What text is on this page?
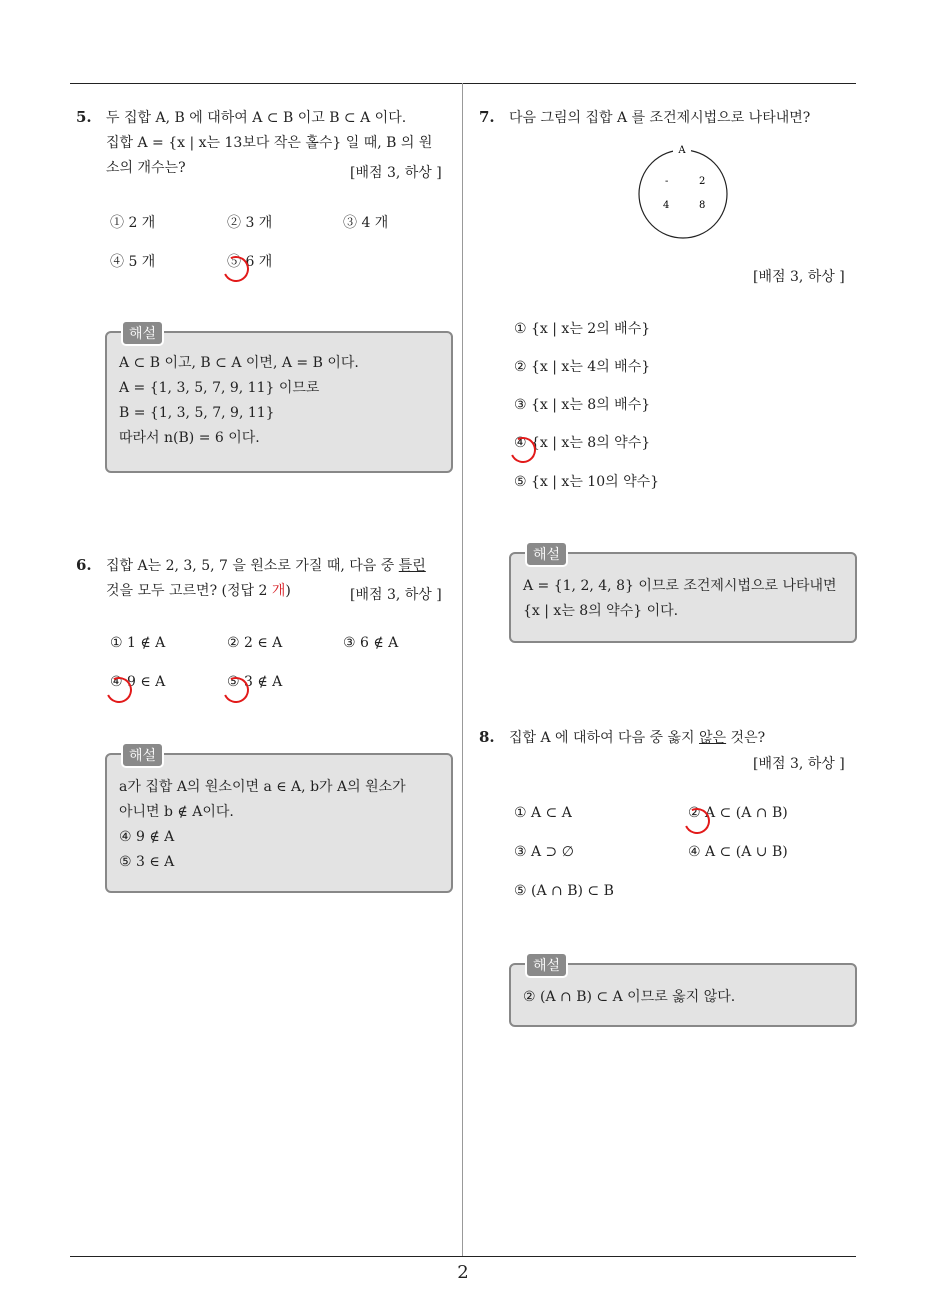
5. 두 집합 A, B 에 대하여 A ⊂ B 이고 B ⊂ A 이다.
집합 A = {x | x는 13보다 작은 홀수} 일 때, B 의 원
소의 개수는?	[배점 3, 하상 ]
① 2 개	② 3 개	③ 4 개
④ 5 개	⑤ 6 개
해설
A ⊂ B 이고, B ⊂ A 이면, A = B 이다.
A = {1, 3, 5, 7, 9, 11} 이므로
B = {1, 3, 5, 7, 9, 11}
따라서 n(B) = 6 이다.
6. 집합 A는 2, 3, 5, 7 을 원소로 가질 때, 다음 중 틀린
것을 모두 고르면? (정답 2 개)	[배점 3, 하상 ]
① 1 ∉ A	② 2 ∈ A	③ 6 ∉ A
④ 9 ∈ A	⑤ 3 ∉ A
해설
a가 집합 A의 원소이면 a ∈ A, b가 A의 원소가
아니면 b ∉ A이다.
④ 9 ∉ A
⑤ 3 ∈ A
7. 다음 그림의 집합 A 를 조건제시법으로 나타내면?
A
-	2
4	8
[배점 3, 하상 ]
① {x | x는 2의 배수}
② {x | x는 4의 배수}
③ {x | x는 8의 배수}
④ {x | x는 8의 약수}
⑤ {x | x는 10의 약수}
해설
A = {1, 2, 4, 8} 이므로 조건제시법으로 나타내면
{x | x는 8의 약수} 이다.
8. 집합 A 에 대하여 다음 중 옳지 않은 것은?
[배점 3, 하상 ]
① A ⊂ A	② A ⊂ (A ∩ B)
③ A ⊃ ∅	④ A ⊂ (A ∪ B)
⑤ (A ∩ B) ⊂ B
해설
② (A ∩ B) ⊂ A 이므로 옳지 않다.
2
